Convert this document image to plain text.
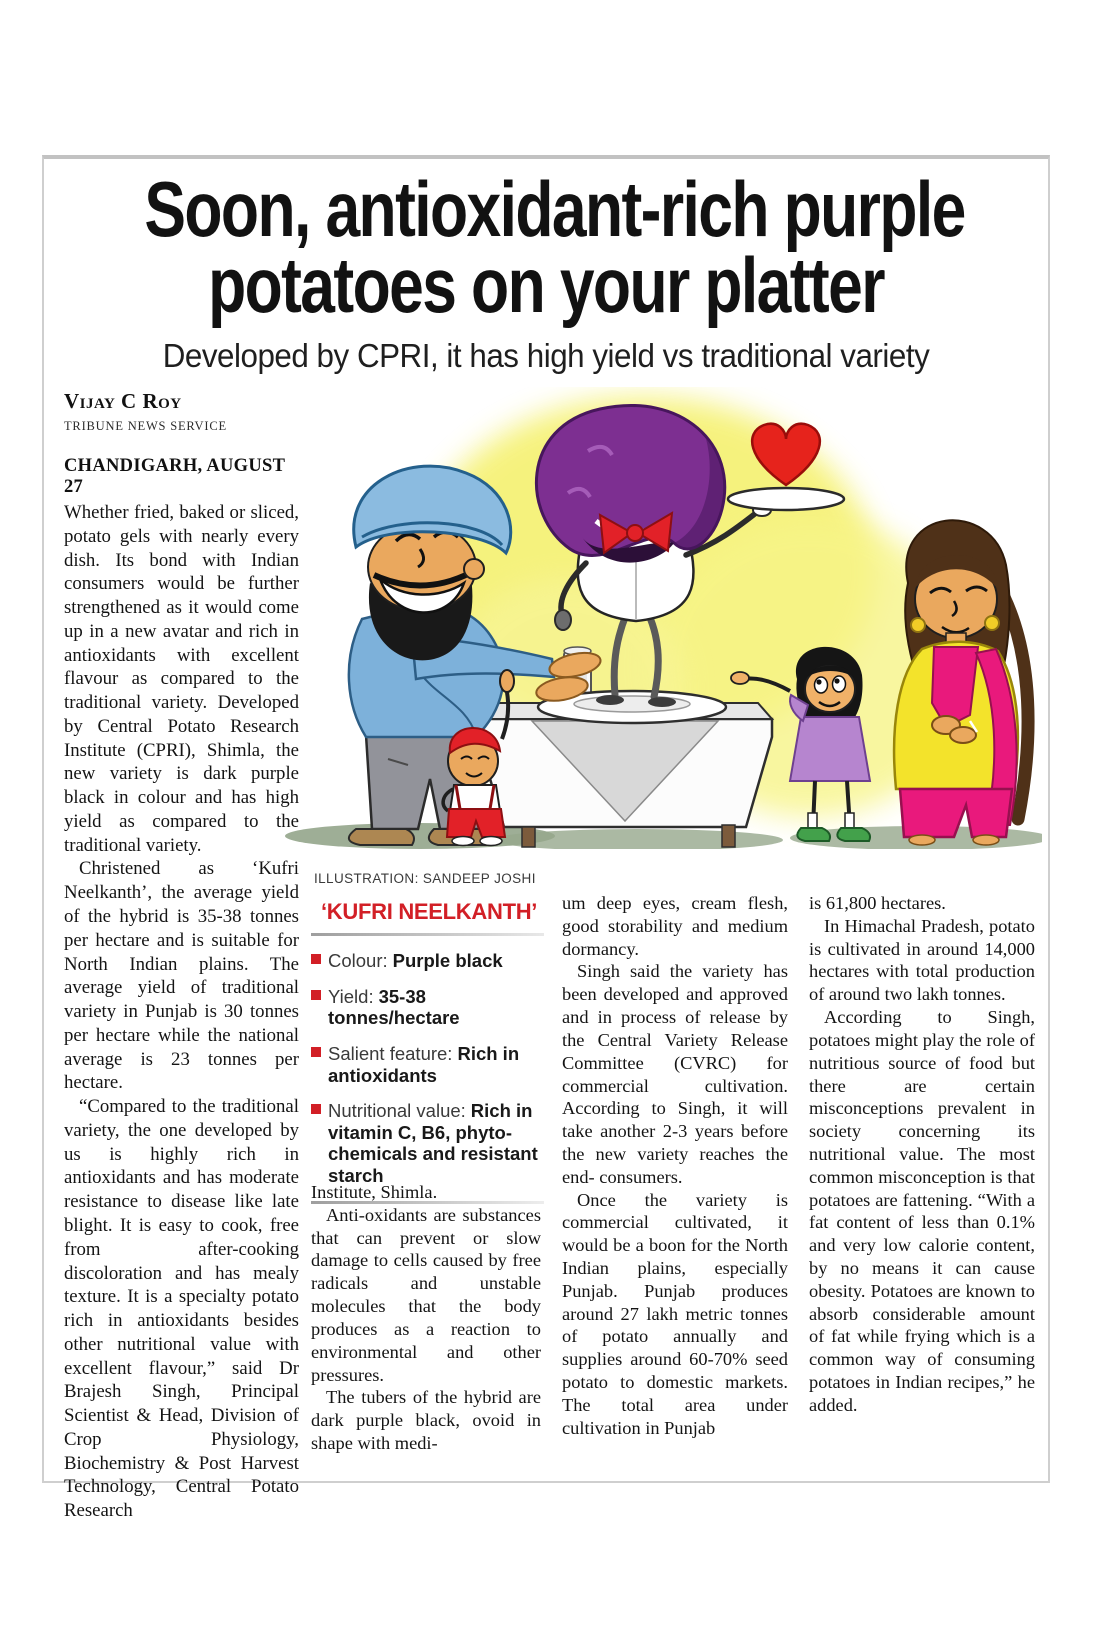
Soon, antioxidant-rich purple
potatoes on your platter
Developed by CPRI, it has high yield vs traditional variety
Vijay C Roy
TRIBUNE NEWS SERVICE
CHANDIGARH, AUGUST 27

Whether fried, baked or sliced, potato gels with nearly every dish. Its bond with Indian consumers would be further strengthened as it would come up in a new avatar and rich in antioxidants with excellent flavour as compared to the traditional variety. Developed by Central Potato Research Institute (CPRI), Shimla, the new variety is dark purple black in colour and has high yield as compared to the traditional variety.

Christened as ‘Kufri Neelkanth’, the average yield of the hybrid is 35-38 tonnes per hectare and is suitable for North Indian plains. The average yield of traditional variety in Punjab is 30 tonnes per hectare while the national average is 23 tonnes per hectare.

“Compared to the traditional variety, the one developed by us is highly rich in antioxidants and has moderate resistance to disease like late blight. It is easy to cook, free from after-cooking discoloration and has mealy texture. It is a specialty potato rich in antioxidants besides other nutritional value with excellent flavour,” said Dr Brajesh Singh, Principal Scientist & Head, Division of Crop Physiology, Biochemistry & Post Harvest Technology, Central Potato Research

ILLUSTRATION: SANDEEP JOSHI
‘KUFRI NEELKANTH’
Colour: Purple black
Yield: 35-38 tonnes/hectare
Salient feature: Rich in antioxidants
Nutritional value: Rich in vitamin C, B6, phyto-chemicals and resistant starch

Institute, Shimla.

Anti-oxidants are substances that can prevent or slow damage to cells caused by free radicals and unstable molecules that the body produces as a reaction to environmental and other pressures.

The tubers of the hybrid are dark purple black, ovoid in shape with medi-

um deep eyes, cream flesh, good storability and medium dormancy.

Singh said the variety has been developed and approved and in process of release by the Central Variety Release Committee (CVRC) for commercial cultivation. According to Singh, it will take another 2-3 years before the new variety reaches the end- consumers.

Once the variety is commercial cultivated, it would be a boon for the North Indian plains, especially Punjab. Punjab produces around 27 lakh metric tonnes of potato annually and supplies around 60-70% seed potato to domestic markets. The total area under cultivation in Punjab

is 61,800 hectares.

In Himachal Pradesh, potato is cultivated in around 14,000 hectares with total production of around two lakh tonnes.

According to Singh, potatoes might play the role of nutritious source of food but there are certain misconceptions prevalent in society concerning its nutritional value. The most common misconception is that potatoes are fattening. “With a fat content of less than 0.1% and very low calorie content, by no means it can cause obesity. Potatoes are known to absorb considerable amount of fat while frying which is a common way of consuming potatoes in Indian recipes,” he added.
